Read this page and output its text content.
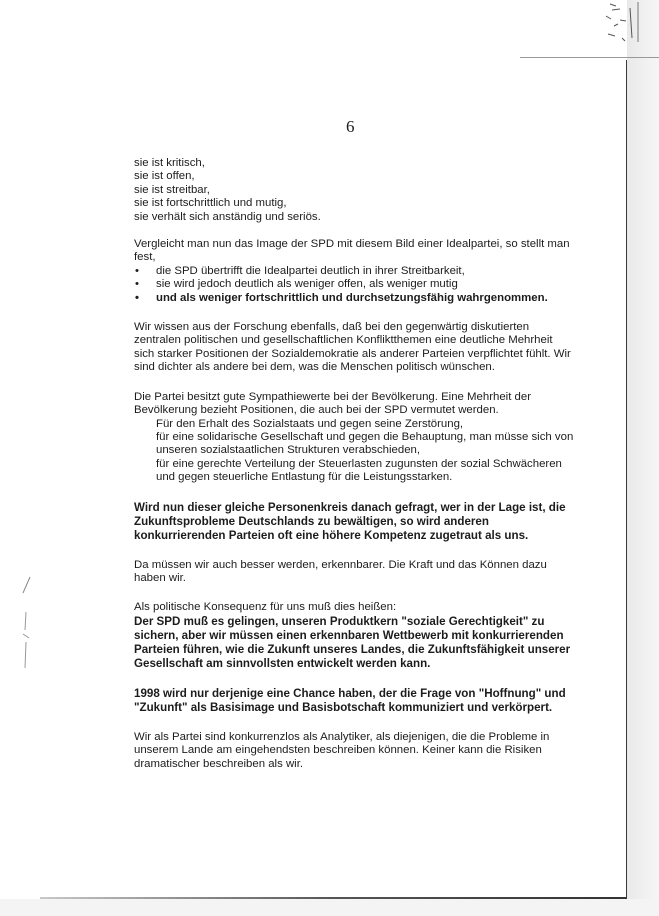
6

sie ist kritisch,

sie ist offen,

sie ist streitbar,

sie ist fortschrittlich und mutig,

sie verhält sich anständig und seriös.

Vergleicht man nun das Image der SPD mit diesem Bild einer Idealpartei, so stellt man fest,

• die SPD übertrifft die Idealpartei deutlich in ihrer Streitbarkeit,
• sie wird jedoch deutlich als weniger offen, als weniger mutig
• und als weniger fortschrittlich und durchsetzungsfähig wahrgenommen.

Wir wissen aus der Forschung ebenfalls, daß bei den gegenwärtig diskutierten zentralen politischen und gesellschaftlichen Konfliktthemen eine deutliche Mehrheit sich starker Positionen der Sozialdemokratie als anderer Parteien verpflichtet fühlt. Wir sind dichter als andere bei dem, was die Menschen politisch wünschen.

Die Partei besitzt gute Sympathiewerte bei der Bevölkerung. Eine Mehrheit der Bevölkerung bezieht Positionen, die auch bei der SPD vermutet werden.

Für den Erhalt des Sozialstaats und gegen seine Zerstörung,

für eine solidarische Gesellschaft und gegen die Behauptung, man müsse sich von unseren sozialstaatlichen Strukturen verabschieden,

für eine gerechte Verteilung der Steuerlasten zugunsten der sozial Schwächeren und gegen steuerliche Entlastung für die Leistungsstarken.

Wird nun dieser gleiche Personenkreis danach gefragt, wer in der Lage ist, die Zukunftsprobleme Deutschlands zu bewältigen, so wird anderen konkurrierenden Parteien oft eine höhere Kompetenz zugetraut als uns.

Da müssen wir auch besser werden, erkennbarer. Die Kraft und das Können dazu haben wir.

Als politische Konsequenz für uns muß dies heißen:

Der SPD muß es gelingen, unseren Produktkern "soziale Gerechtigkeit" zu sichern, aber wir müssen einen erkennbaren Wettbewerb mit konkurrierenden Parteien führen, wie die Zukunft unseres Landes, die Zukunftsfähigkeit unserer Gesellschaft am sinnvollsten entwickelt werden kann.

1998 wird nur derjenige eine Chance haben, der die Frage von "Hoffnung" und "Zukunft" als Basisimage und Basisbotschaft kommuniziert und verkörpert.

Wir als Partei sind konkurrenzlos als Analytiker, als diejenigen, die die Probleme in unserem Lande am eingehendsten beschreiben können. Keiner kann die Risiken dramatischer beschreiben als wir.
